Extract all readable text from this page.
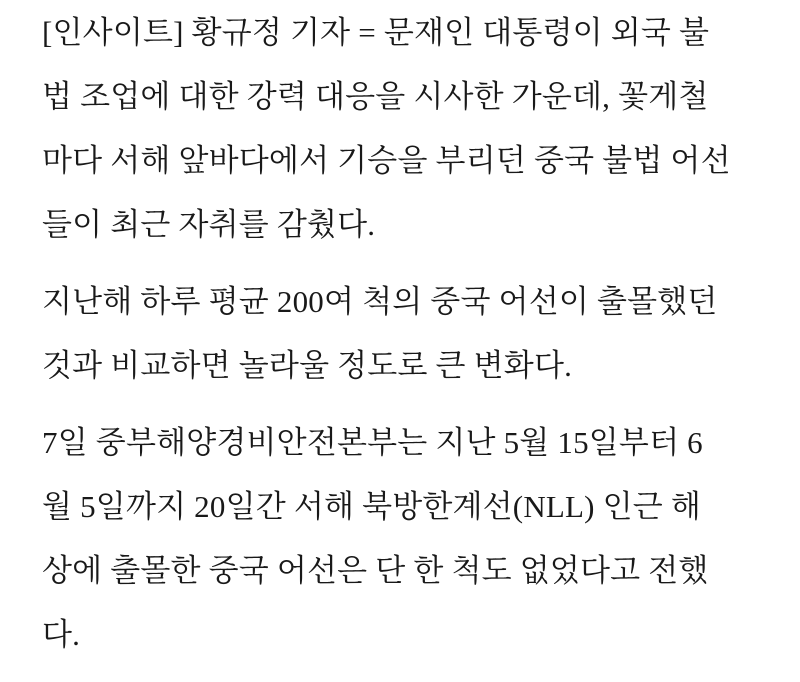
[인사이트] 황규정 기자 = 문재인 대통령이 외국 불
법 조업에 대한 강력 대응을 시사한 가운데, 꽃게철
마다 서해 앞바다에서 기승을 부리던 중국 불법 어선
들이 최근 자취를 감췄다.
지난해 하루 평균 200여 척의 중국 어선이 출몰했던
것과 비교하면 놀라울 정도로 큰 변화다.
7일 중부해양경비안전본부는 지난 5월 15일부터 6
월 5일까지 20일간 서해 북방한계선(NLL) 인근 해
상에 출몰한 중국 어선은 단 한 척도 없었다고 전했
다.
